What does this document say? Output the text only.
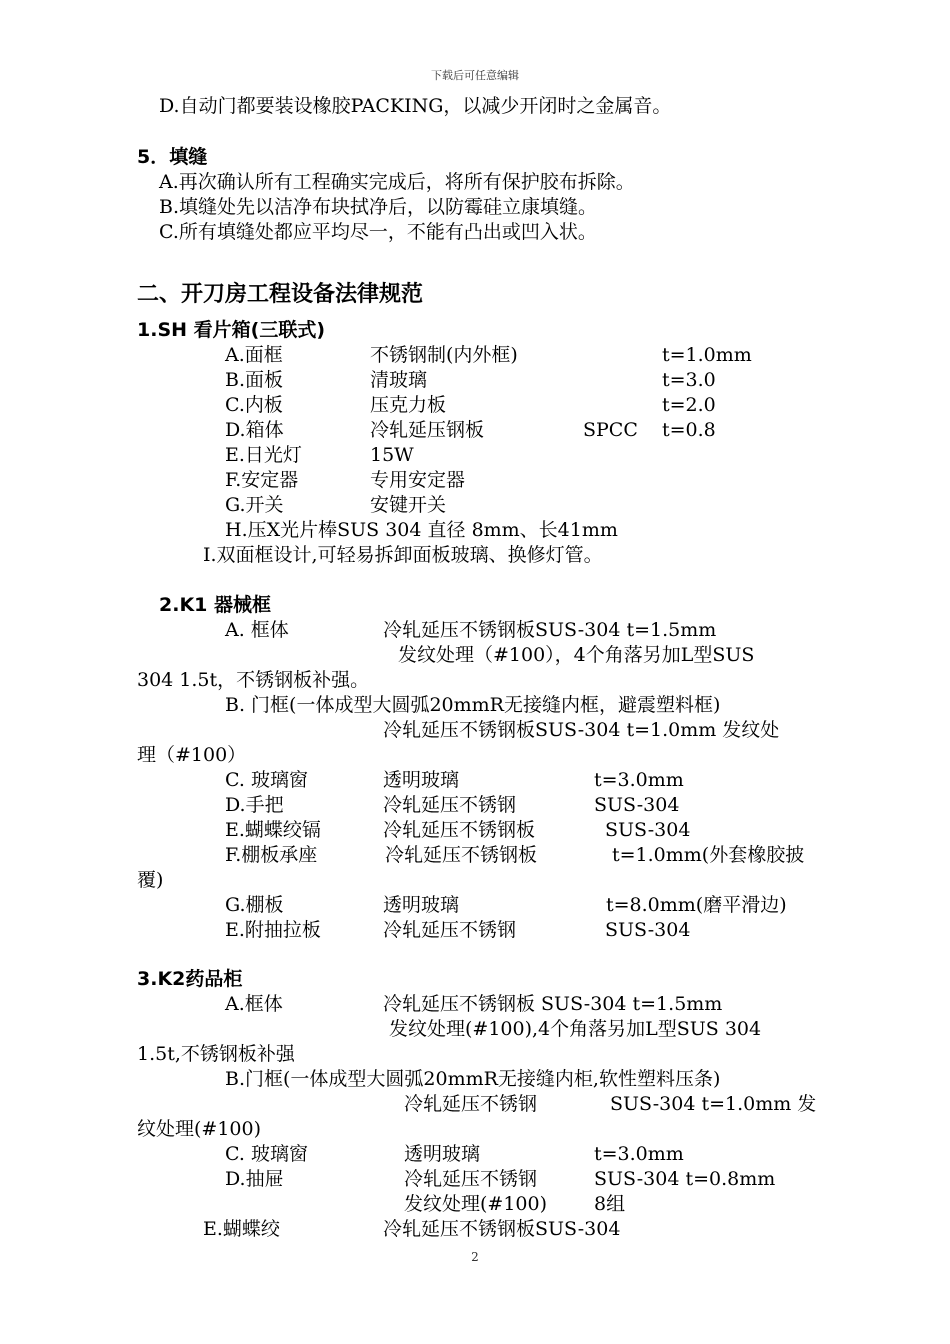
下载后可任意编辑
D.自动门都要装设橡胶PACKING，以减少开闭时之金属音。
5．填缝
A.再次确认所有工程确实完成后，将所有保护胶布拆除。
B.填缝处先以洁净布块拭净后，以防霉硅立康填缝。
C.所有填缝处都应平均尽一，不能有凸出或凹入状。
二、开刀房工程设备法律规范
1.SH 看片箱(三联式)
A.面框	不锈钢制(内外框)	t=1.0mm
B.面板	清玻璃	t=3.0
C.内板	压克力板	t=2.0
D.箱体	冷轧延压钢板	SPCC t=0.8
E.日光灯	15W
F.安定器	专用安定器
G.开关	安键开关
H.压X光片棒SUS 304 直径 8mm、长41mm
I.双面框设计,可轻易拆卸面板玻璃、换修灯管。
2.K1 器械框
A. 框体	冷轧延压不锈钢板SUS-304 t=1.5mm
发纹处理（#100），4个角落另加L型SUS
304 1.5t，不锈钢板补强。
B. 门框(一体成型大圆弧20mmR无接缝内框，避震塑料框)
冷轧延压不锈钢板SUS-304 t=1.0mm 发纹处
理（#100）
C. 玻璃窗	透明玻璃	t=3.0mm
D.手把	冷轧延压不锈钢	SUS-304
E.蝴蝶绞镉	冷轧延压不锈钢板	SUS-304
F.棚板承座	冷轧延压不锈钢板	t=1.0mm(外套橡胶披
覆)
G.棚板	透明玻璃	t=8.0mm(磨平滑边)
E.附抽拉板	冷轧延压不锈钢	SUS-304
3.K2药品柜
A.框体	冷轧延压不锈钢板 SUS-304 t=1.5mm
发纹处理(#100),4个角落另加L型SUS 304
1.5t,不锈钢板补强
B.门框(一体成型大圆弧20mmR无接缝内柜,软性塑料压条)
冷轧延压不锈钢	SUS-304 t=1.0mm 发
纹处理(#100)
C. 玻璃窗	透明玻璃	t=3.0mm
D.抽屉	冷轧延压不锈钢	SUS-304 t=0.8mm
发纹处理(#100) 8组
E.蝴蝶绞	冷轧延压不锈钢板SUS-304
2
